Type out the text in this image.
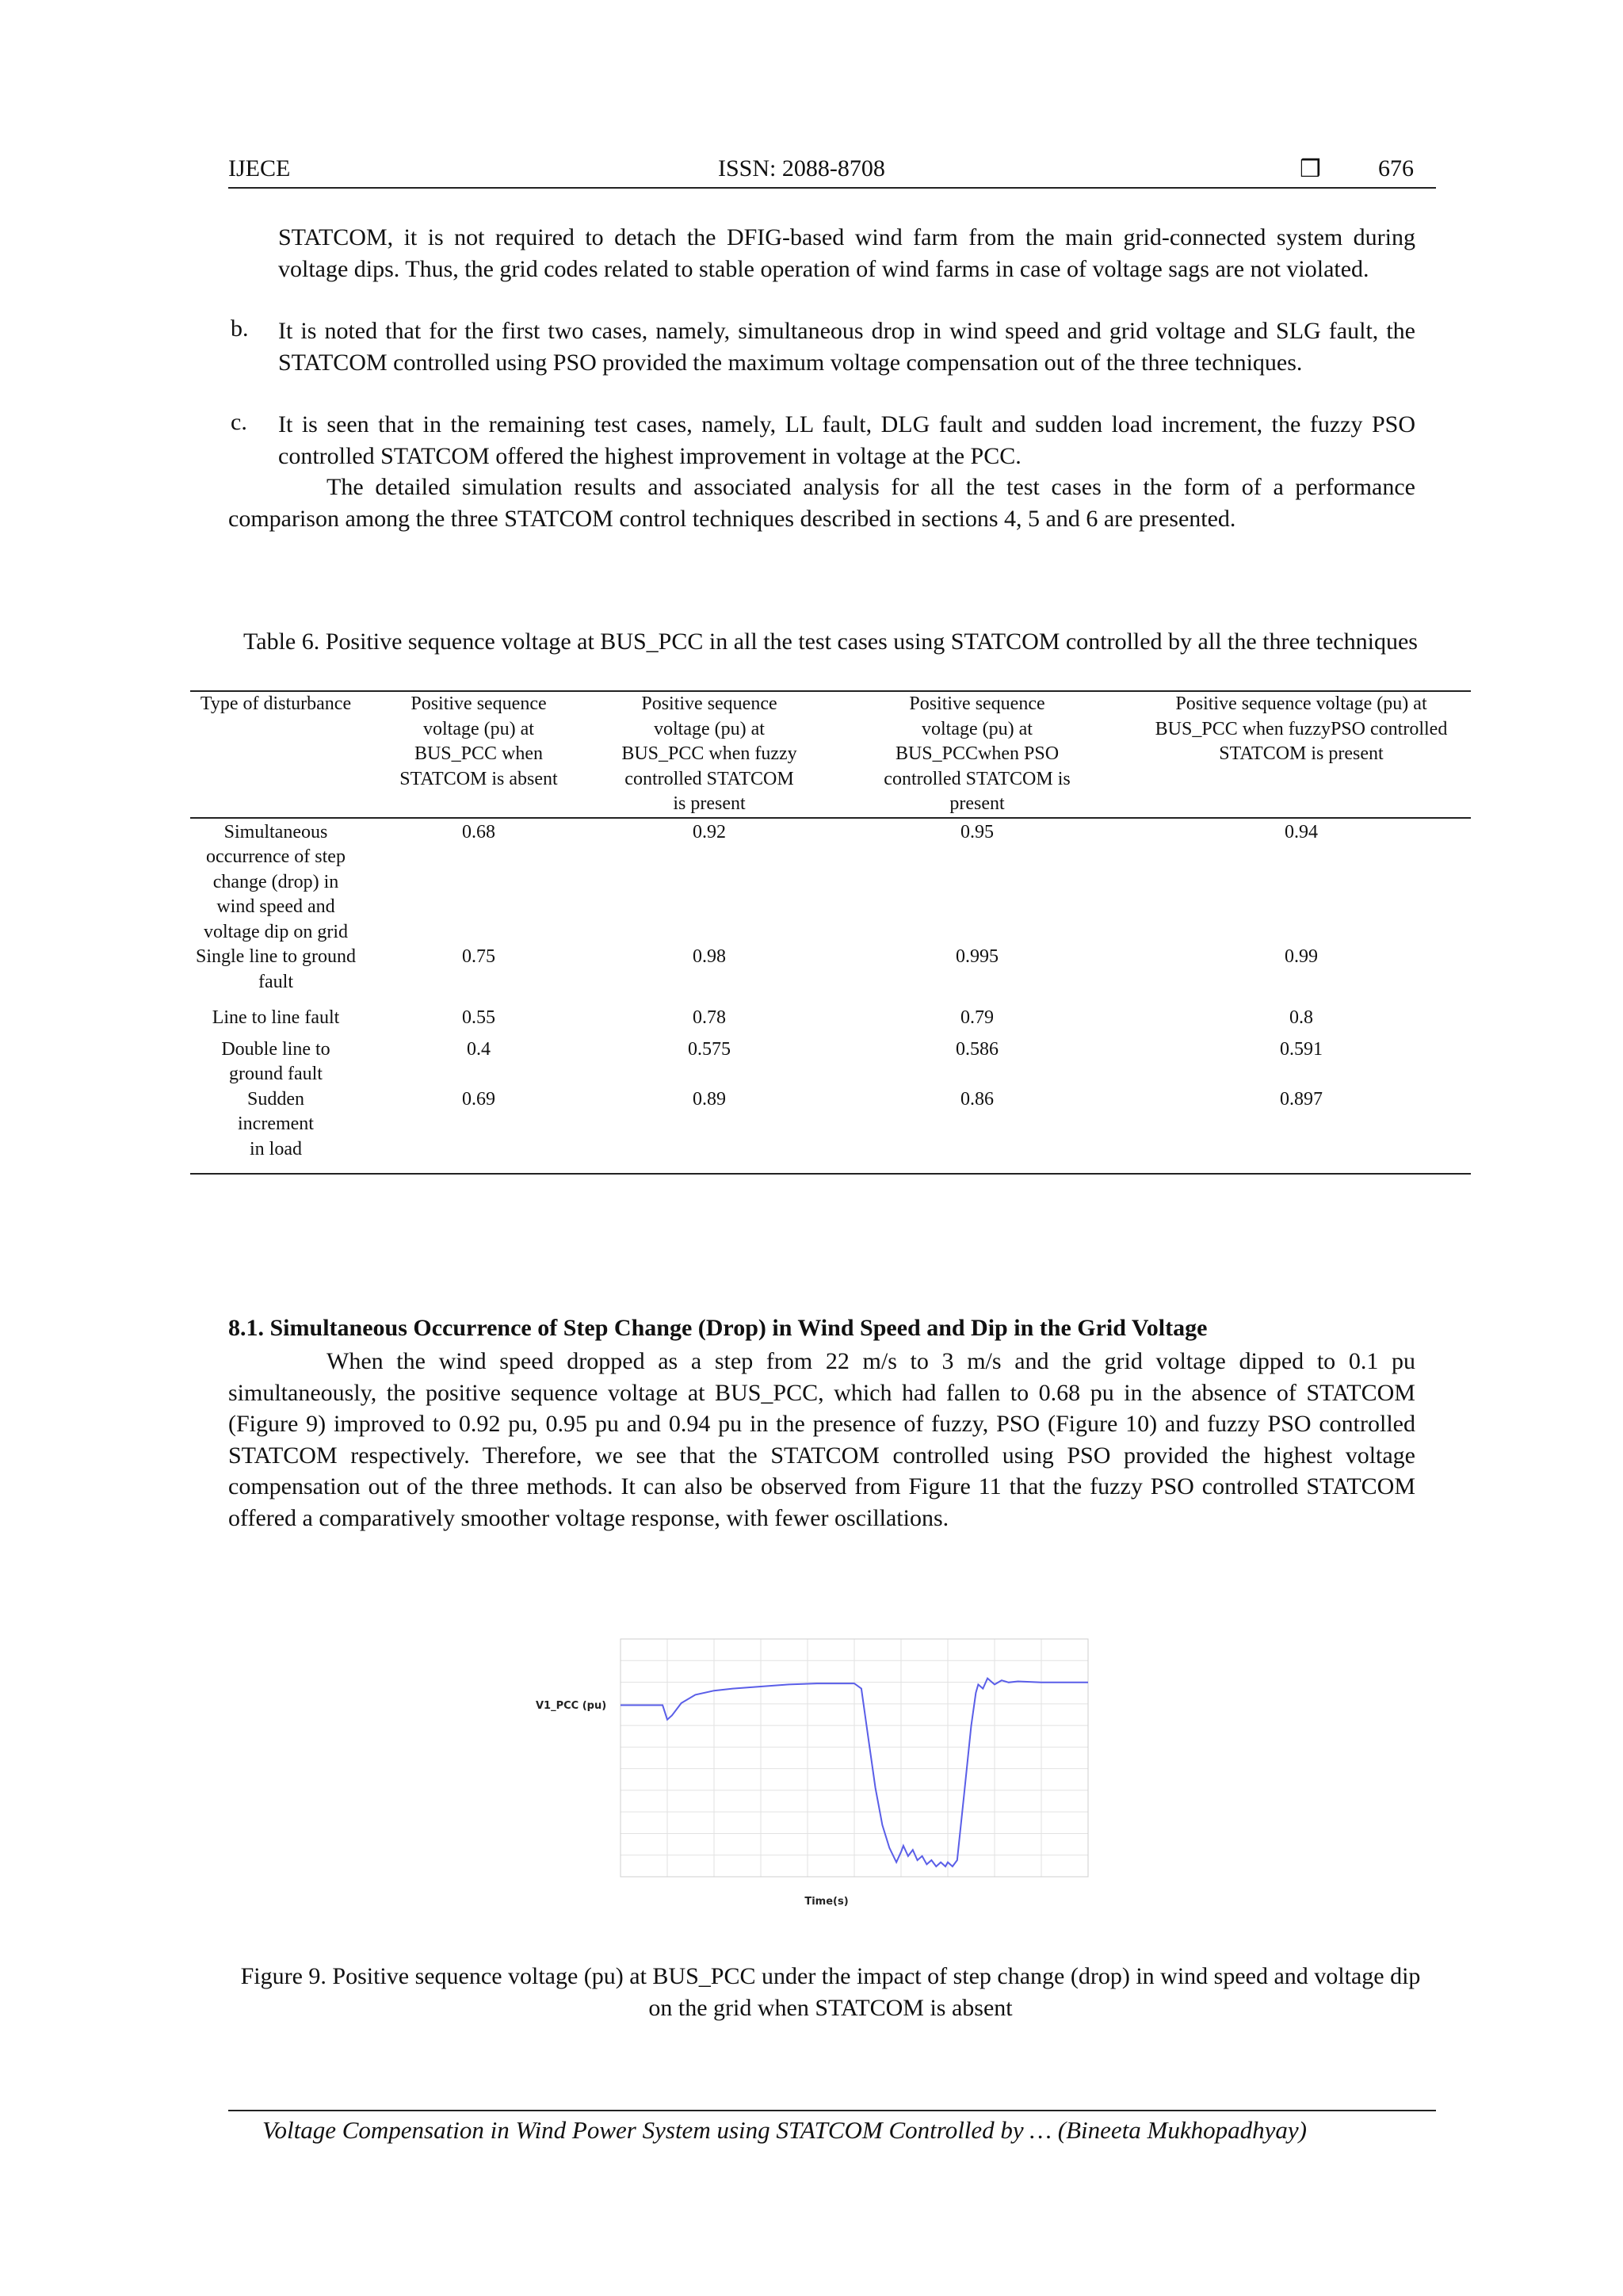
IJECE	ISSN: 2088-8708	❒ 676
STATCOM, it is not required to detach the DFIG-based wind farm from the main grid-connected system during voltage dips. Thus, the grid codes related to stable operation of wind farms in case of voltage sags are not violated.
b. It is noted that for the first two cases, namely, simultaneous drop in wind speed and grid voltage and SLG fault, the STATCOM controlled using PSO provided the maximum voltage compensation out of the three techniques.
c. It is seen that in the remaining test cases, namely, LL fault, DLG fault and sudden load increment, the fuzzy PSO controlled STATCOM offered the highest improvement in voltage at the PCC.
The detailed simulation results and associated analysis for all the test cases in the form of a performance comparison among the three STATCOM control techniques described in sections 4, 5 and 6 are presented.
Table 6. Positive sequence voltage at BUS_PCC in all the test cases using STATCOM controlled by all the three techniques
Type of disturbance	Positive sequence voltage (pu) at BUS_PCC when STATCOM is absent	Positive sequence voltage (pu) at BUS_PCC when fuzzy controlled STATCOM is present	Positive sequence voltage (pu) at BUS_PCCwhen PSO controlled STATCOM is present	Positive sequence voltage (pu) at BUS_PCC when fuzzyPSO controlled STATCOM is present
Simultaneous occurrence of step change (drop) in wind speed and voltage dip on grid	0.68	0.92	0.95	0.94
Single line to ground fault	0.75	0.98	0.995	0.99
Line to line fault	0.55	0.78	0.79	0.8
Double line to ground fault	0.4	0.575	0.586	0.591
Sudden increment in load	0.69	0.89	0.86	0.897
8.1. Simultaneous Occurrence of Step Change (Drop) in Wind Speed and Dip in the Grid Voltage
When the wind speed dropped as a step from 22 m/s to 3 m/s and the grid voltage dipped to 0.1 pu simultaneously, the positive sequence voltage at BUS_PCC, which had fallen to 0.68 pu in the absence of STATCOM (Figure 9) improved to 0.92 pu, 0.95 pu and 0.94 pu in the presence of fuzzy, PSO (Figure 10) and fuzzy PSO controlled STATCOM respectively. Therefore, we see that the STATCOM controlled using PSO provided the highest voltage compensation out of the three methods. It can also be observed from Figure 11 that the fuzzy PSO controlled STATCOM offered a comparatively smoother voltage response, with fewer oscillations.
V1_PCC (pu)
Time(s)
Figure 9. Positive sequence voltage (pu) at BUS_PCC under the impact of step change (drop) in wind speed and voltage dip on the grid when STATCOM is absent
Voltage Compensation in Wind Power System using STATCOM Controlled by … (Bineeta Mukhopadhyay)
